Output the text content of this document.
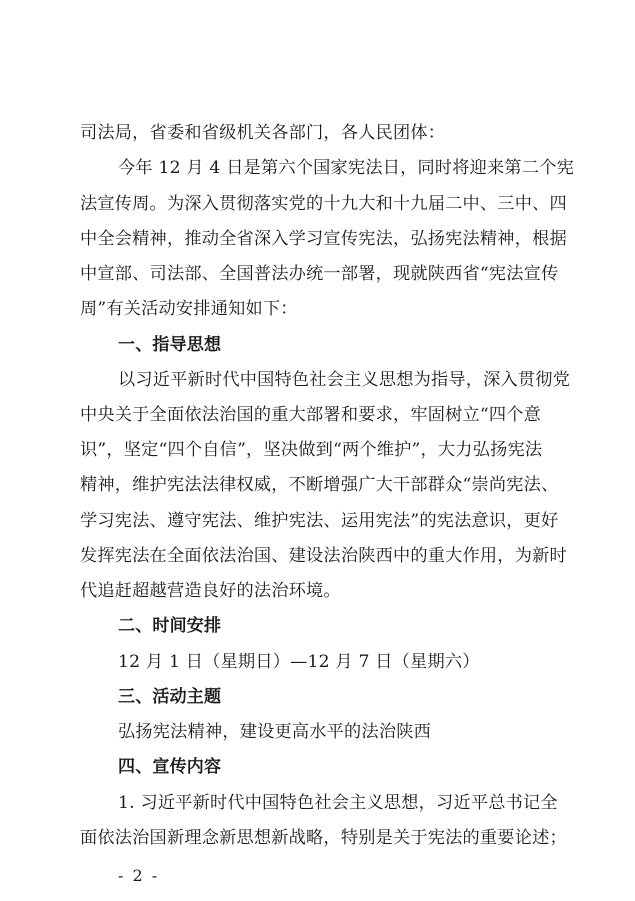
司法局，省委和省级机关各部门，各人民团体：
今年 12 月 4 日是第六个国家宪法日，同时将迎来第二个宪
法宣传周。为深入贯彻落实党的十九大和十九届二中、三中、四
中全会精神，推动全省深入学习宣传宪法，弘扬宪法精神，根据
中宣部、司法部、全国普法办统一部署，现就陕西省“宪法宣传
周”有关活动安排通知如下：
一、指导思想
以习近平新时代中国特色社会主义思想为指导，深入贯彻党
中央关于全面依法治国的重大部署和要求，牢固树立“四个意
识”，坚定“四个自信”，坚决做到“两个维护”，大力弘扬宪法
精神，维护宪法法律权威，不断增强广大干部群众“崇尚宪法、
学习宪法、遵守宪法、维护宪法、运用宪法”的宪法意识，更好
发挥宪法在全面依法治国、建设法治陕西中的重大作用，为新时
代追赶超越营造良好的法治环境。
二、时间安排
12 月 1 日（星期日）—12 月 7 日（星期六）
三、活动主题
弘扬宪法精神，建设更高水平的法治陕西
四、宣传内容
1. 习近平新时代中国特色社会主义思想，习近平总书记全
面依法治国新理念新思想新战略，特别是关于宪法的重要论述；
- 2 -
